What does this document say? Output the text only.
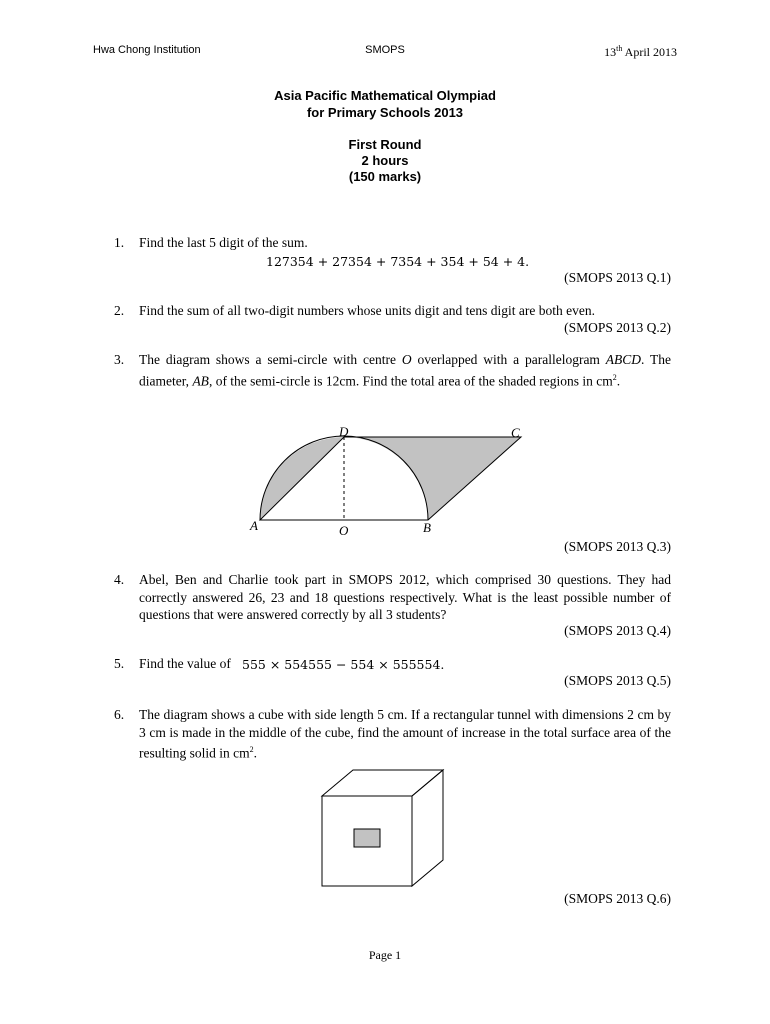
Hwa Chong Institution	SMOPS	13th April 2013
Asia Pacific Mathematical Olympiad
for Primary Schools 2013
First Round
2 hours
(150 marks)
1. Find the last 5 digit of the sum.
127354 + 27354 + 7354 + 354 + 54 + 4.
(SMOPS 2013 Q.1)
2. Find the sum of all two-digit numbers whose units digit and tens digit are both even.
(SMOPS 2013 Q.2)
3. The diagram shows a semi-circle with centre O overlapped with a parallelogram ABCD. The diameter, AB, of the semi-circle is 12cm. Find the total area of the shaded regions in $cm^2$.
A	O	B
D	C
(SMOPS 2013 Q.3)
4. Abel, Ben and Charlie took part in SMOPS 2012, which comprised 30 questions. They had correctly answered 26, 23 and 18 questions respectively. What is the least possible number of questions that were answered correctly by all 3 students?
(SMOPS 2013 Q.4)
5. Find the value of 555 × 554555 − 554 × 555554.
(SMOPS 2013 Q.5)
6. The diagram shows a cube with side length 5 cm. If a rectangular tunnel with dimensions 2 cm by 3 cm is made in the middle of the cube, find the amount of increase in the total surface area of the resulting solid in $cm^2$.
(SMOPS 2013 Q.6)
Page 1
